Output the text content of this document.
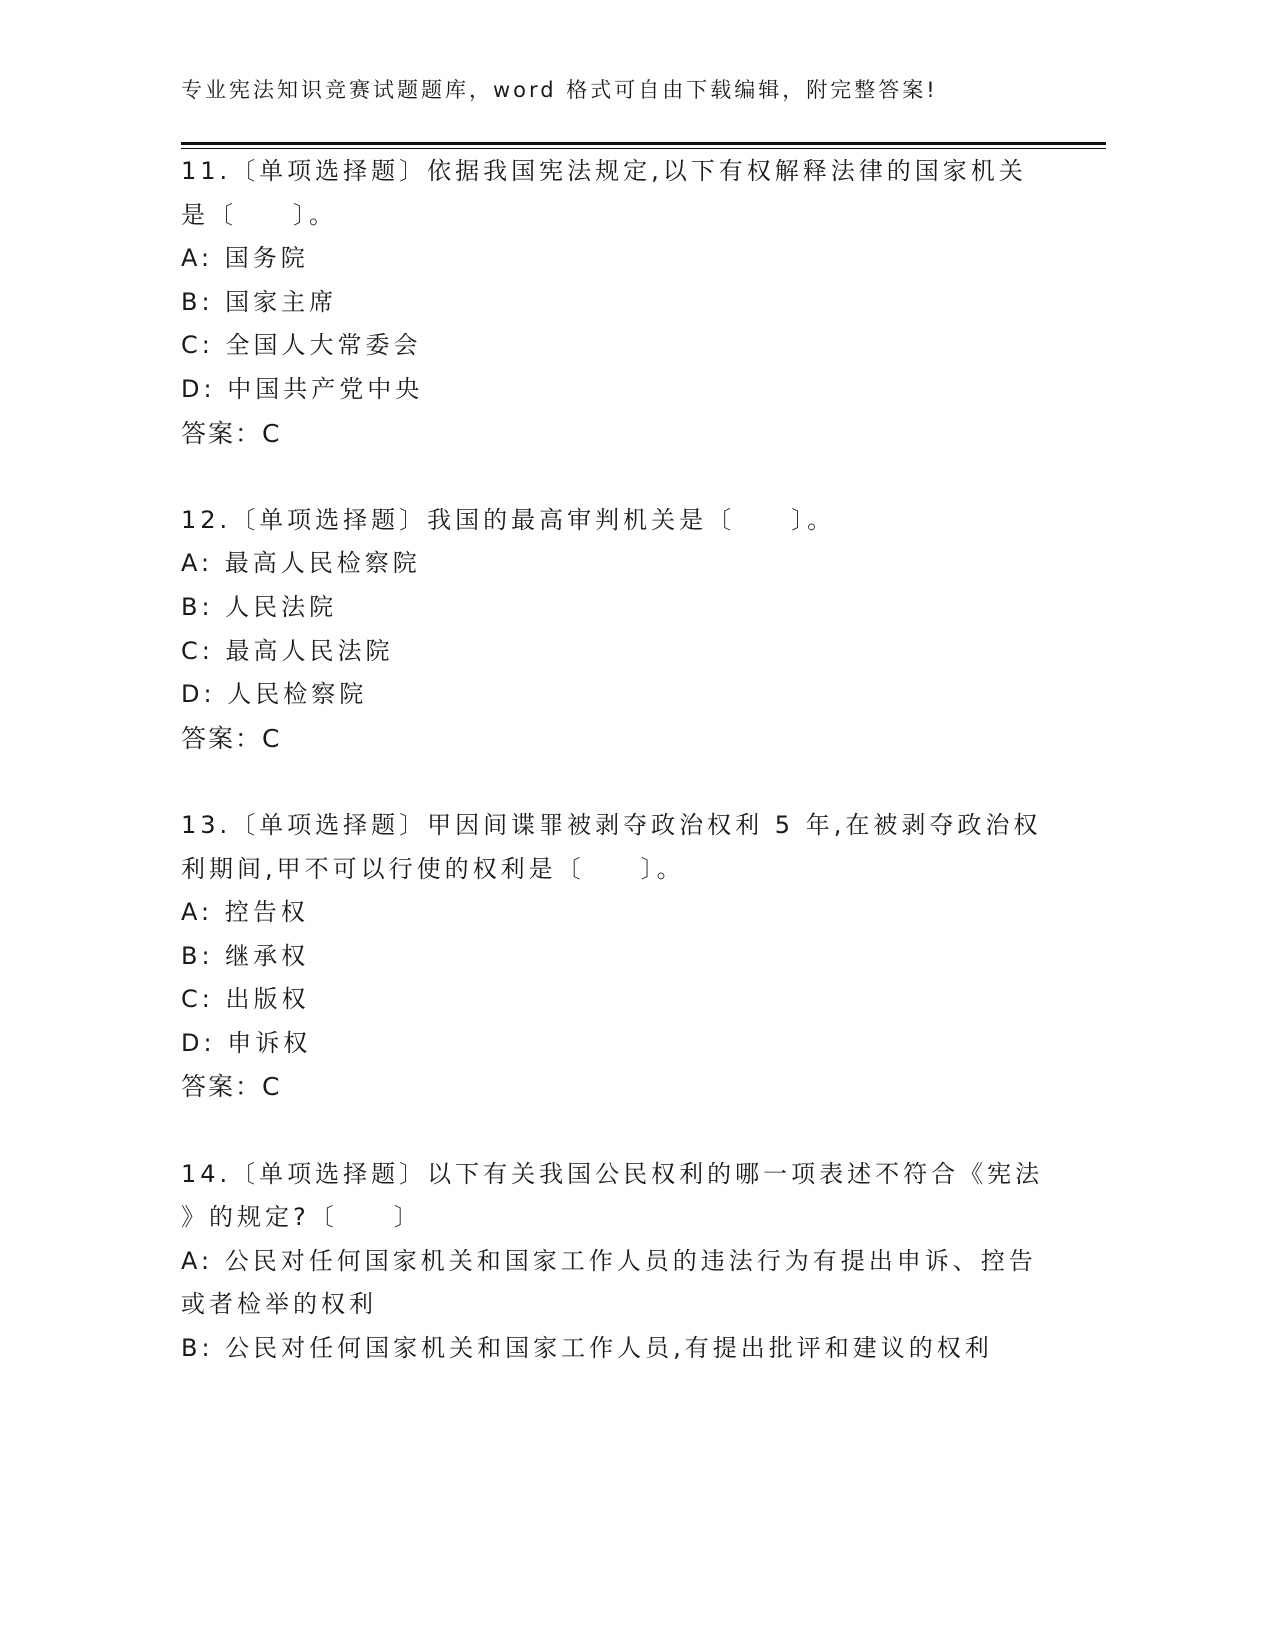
专业宪法知识竞赛试题题库，word 格式可自由下载编辑，附完整答案!
11.〔单项选择题〕依据我国宪法规定,以下有权解释法律的国家机关
是〔　　〕。
A: 国务院
B: 国家主席
C: 全国人大常委会
D: 中国共产党中央
答案：C
12.〔单项选择题〕我国的最高审判机关是〔　　〕。
A: 最高人民检察院
B: 人民法院
C: 最高人民法院
D: 人民检察院
答案：C
13.〔单项选择题〕甲因间谍罪被剥夺政治权利 5 年,在被剥夺政治权
利期间,甲不可以行使的权利是〔　　〕。
A: 控告权
B: 继承权
C: 出版权
D: 申诉权
答案：C
14.〔单项选择题〕以下有关我国公民权利的哪一项表述不符合《宪法
》的规定?〔　　〕
A: 公民对任何国家机关和国家工作人员的违法行为有提出申诉、控告
或者检举的权利
B: 公民对任何国家机关和国家工作人员,有提出批评和建议的权利
